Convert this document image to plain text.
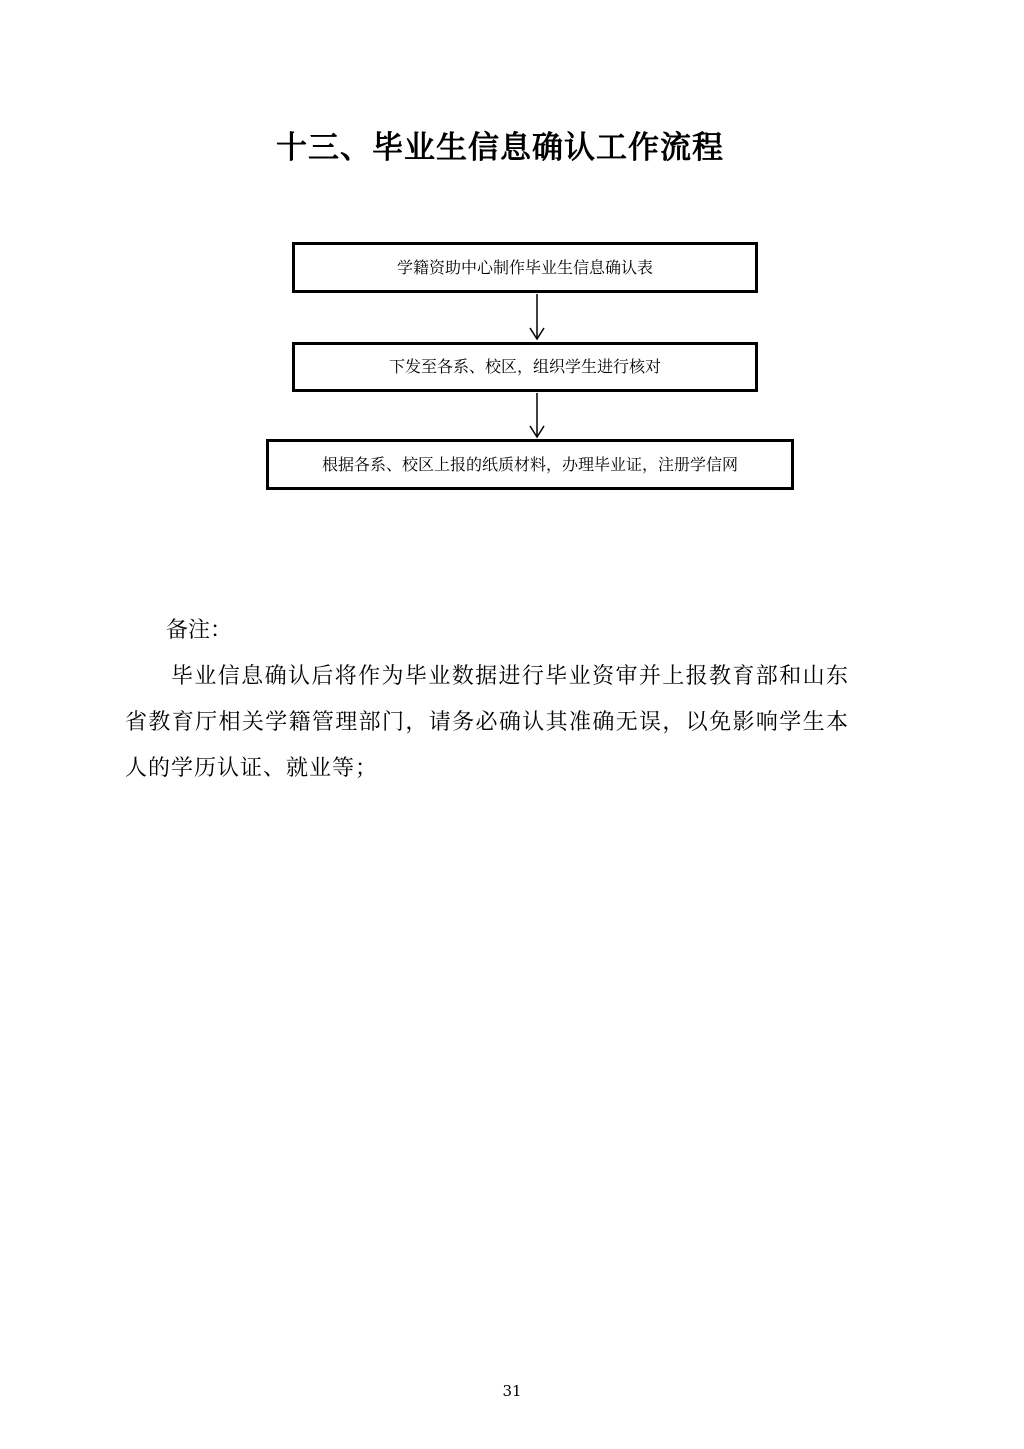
十三、毕业生信息确认工作流程
学籍资助中心制作毕业生信息确认表
下发至各系、校区，组织学生进行核对
根据各系、校区上报的纸质材料，办理毕业证，注册学信网
备注：
毕业信息确认后将作为毕业数据进行毕业资审并上报教育部和山东省教育厅相关学籍管理部门，请务必确认其准确无误，以免影响学生本人的学历认证、就业等；
31
